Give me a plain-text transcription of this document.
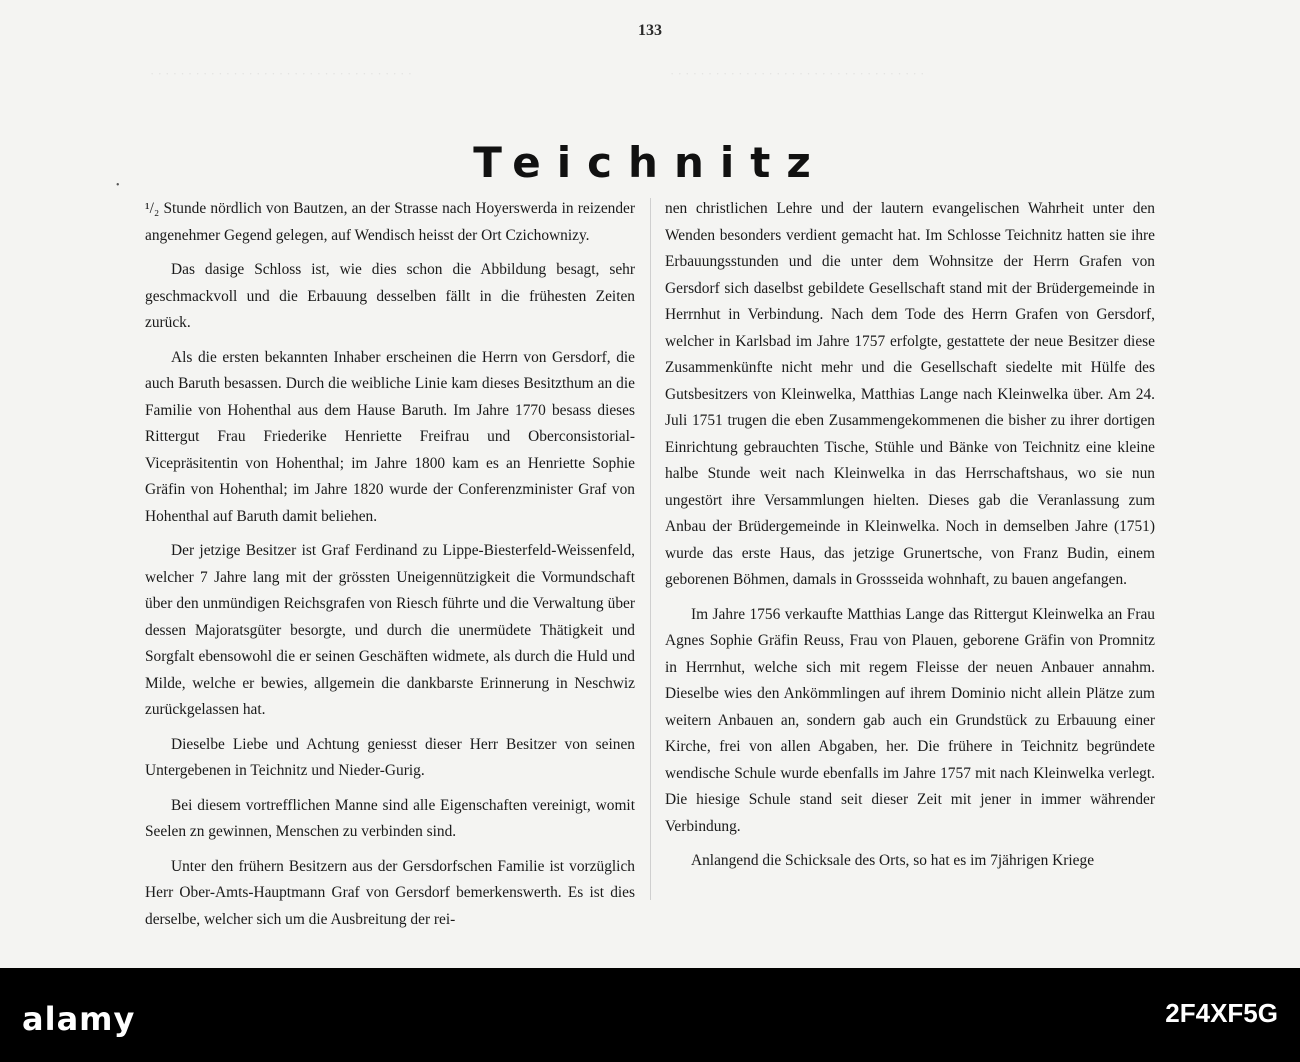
· · · · · · · · · · · · · · · · · · · · · · · · · · · · · · · · · · ·	· · · · · · · · · · · · · · · · · · · · · · · · · · · · · · · · · ·
133
Teichnitz
•

¹/₂ Stunde nördlich von Bautzen, an der Strasse nach Hoyerswerda in reizender angenehmer Gegend gelegen, auf Wendisch heisst der Ort Czichownizy.

Das dasige Schloss ist, wie dies schon die Abbildung besagt, sehr geschmackvoll und die Erbauung desselben fällt in die frühesten Zeiten zurück.

Als die ersten bekannten Inhaber erscheinen die Herrn von Gersdorf, die auch Baruth besassen. Durch die weibliche Linie kam dieses Besitzthum an die Familie von Hohenthal aus dem Hause Baruth. Im Jahre 1770 besass dieses Rittergut Frau Friederike Henriette Freifrau und Oberconsistorial-Vicepräsitentin von Hohenthal; im Jahre 1800 kam es an Henriette Sophie Gräfin von Hohenthal; im Jahre 1820 wurde der Conferenzminister Graf von Hohenthal auf Baruth damit beliehen.

Der jetzige Besitzer ist Graf Ferdinand zu Lippe-Biesterfeld-Weissenfeld, welcher 7 Jahre lang mit der grössten Uneigennützigkeit die Vormundschaft über den unmündigen Reichsgrafen von Riesch führte und die Verwaltung über dessen Majoratsgüter besorgte, und durch die unermüdete Thätigkeit und Sorgfalt ebensowohl die er seinen Geschäften widmete, als durch die Huld und Milde, welche er bewies, allgemein die dankbarste Erinnerung in Neschwiz zurückgelassen hat.

Dieselbe Liebe und Achtung geniesst dieser Herr Besitzer von seinen Untergebenen in Teichnitz und Nieder-Gurig.

Bei diesem vortrefflichen Manne sind alle Eigenschaften vereinigt, womit Seelen zn gewinnen, Menschen zu verbinden sind.

Unter den frühern Besitzern aus der Gersdorfschen Familie ist vorzüglich Herr Ober-Amts-Hauptmann Graf von Gersdorf bemerkenswerth. Es ist dies derselbe, welcher sich um die Ausbreitung der rei-

nen christlichen Lehre und der lautern evangelischen Wahrheit unter den Wenden besonders verdient gemacht hat. Im Schlosse Teichnitz hatten sie ihre Erbauungsstunden und die unter dem Wohnsitze der Herrn Grafen von Gersdorf sich daselbst gebildete Gesellschaft stand mit der Brüdergemeinde in Herrnhut in Verbindung. Nach dem Tode des Herrn Grafen von Gersdorf, welcher in Karlsbad im Jahre 1757 erfolgte, gestattete der neue Besitzer diese Zusammenkünfte nicht mehr und die Gesellschaft siedelte mit Hülfe des Gutsbesitzers von Kleinwelka, Matthias Lange nach Kleinwelka über. Am 24. Juli 1751 trugen die eben Zusammengekommenen die bisher zu ihrer dortigen Einrichtung gebrauchten Tische, Stühle und Bänke von Teichnitz eine kleine halbe Stunde weit nach Kleinwelka in das Herrschaftshaus, wo sie nun ungestört ihre Versammlungen hielten. Dieses gab die Veranlassung zum Anbau der Brüdergemeinde in Kleinwelka. Noch in demselben Jahre (1751) wurde das erste Haus, das jetzige Grunertsche, von Franz Budin, einem geborenen Böhmen, damals in Grossseida wohnhaft, zu bauen angefangen.

Im Jahre 1756 verkaufte Matthias Lange das Rittergut Kleinwelka an Frau Agnes Sophie Gräfin Reuss, Frau von Plauen, geborene Gräfin von Promnitz in Herrnhut, welche sich mit regem Fleisse der neuen Anbauer annahm. Dieselbe wies den Ankömmlingen auf ihrem Dominio nicht allein Plätze zum weitern Anbauen an, sondern gab auch ein Grundstück zu Erbauung einer Kirche, frei von allen Abgaben, her. Die frühere in Teichnitz begründete wendische Schule wurde ebenfalls im Jahre 1757 mit nach Kleinwelka verlegt. Die hiesige Schule stand seit dieser Zeit mit jener in immer währender Verbindung.

Anlangend die Schicksale des Orts, so hat es im 7jährigen Kriege

alamy	2F4XF5G
